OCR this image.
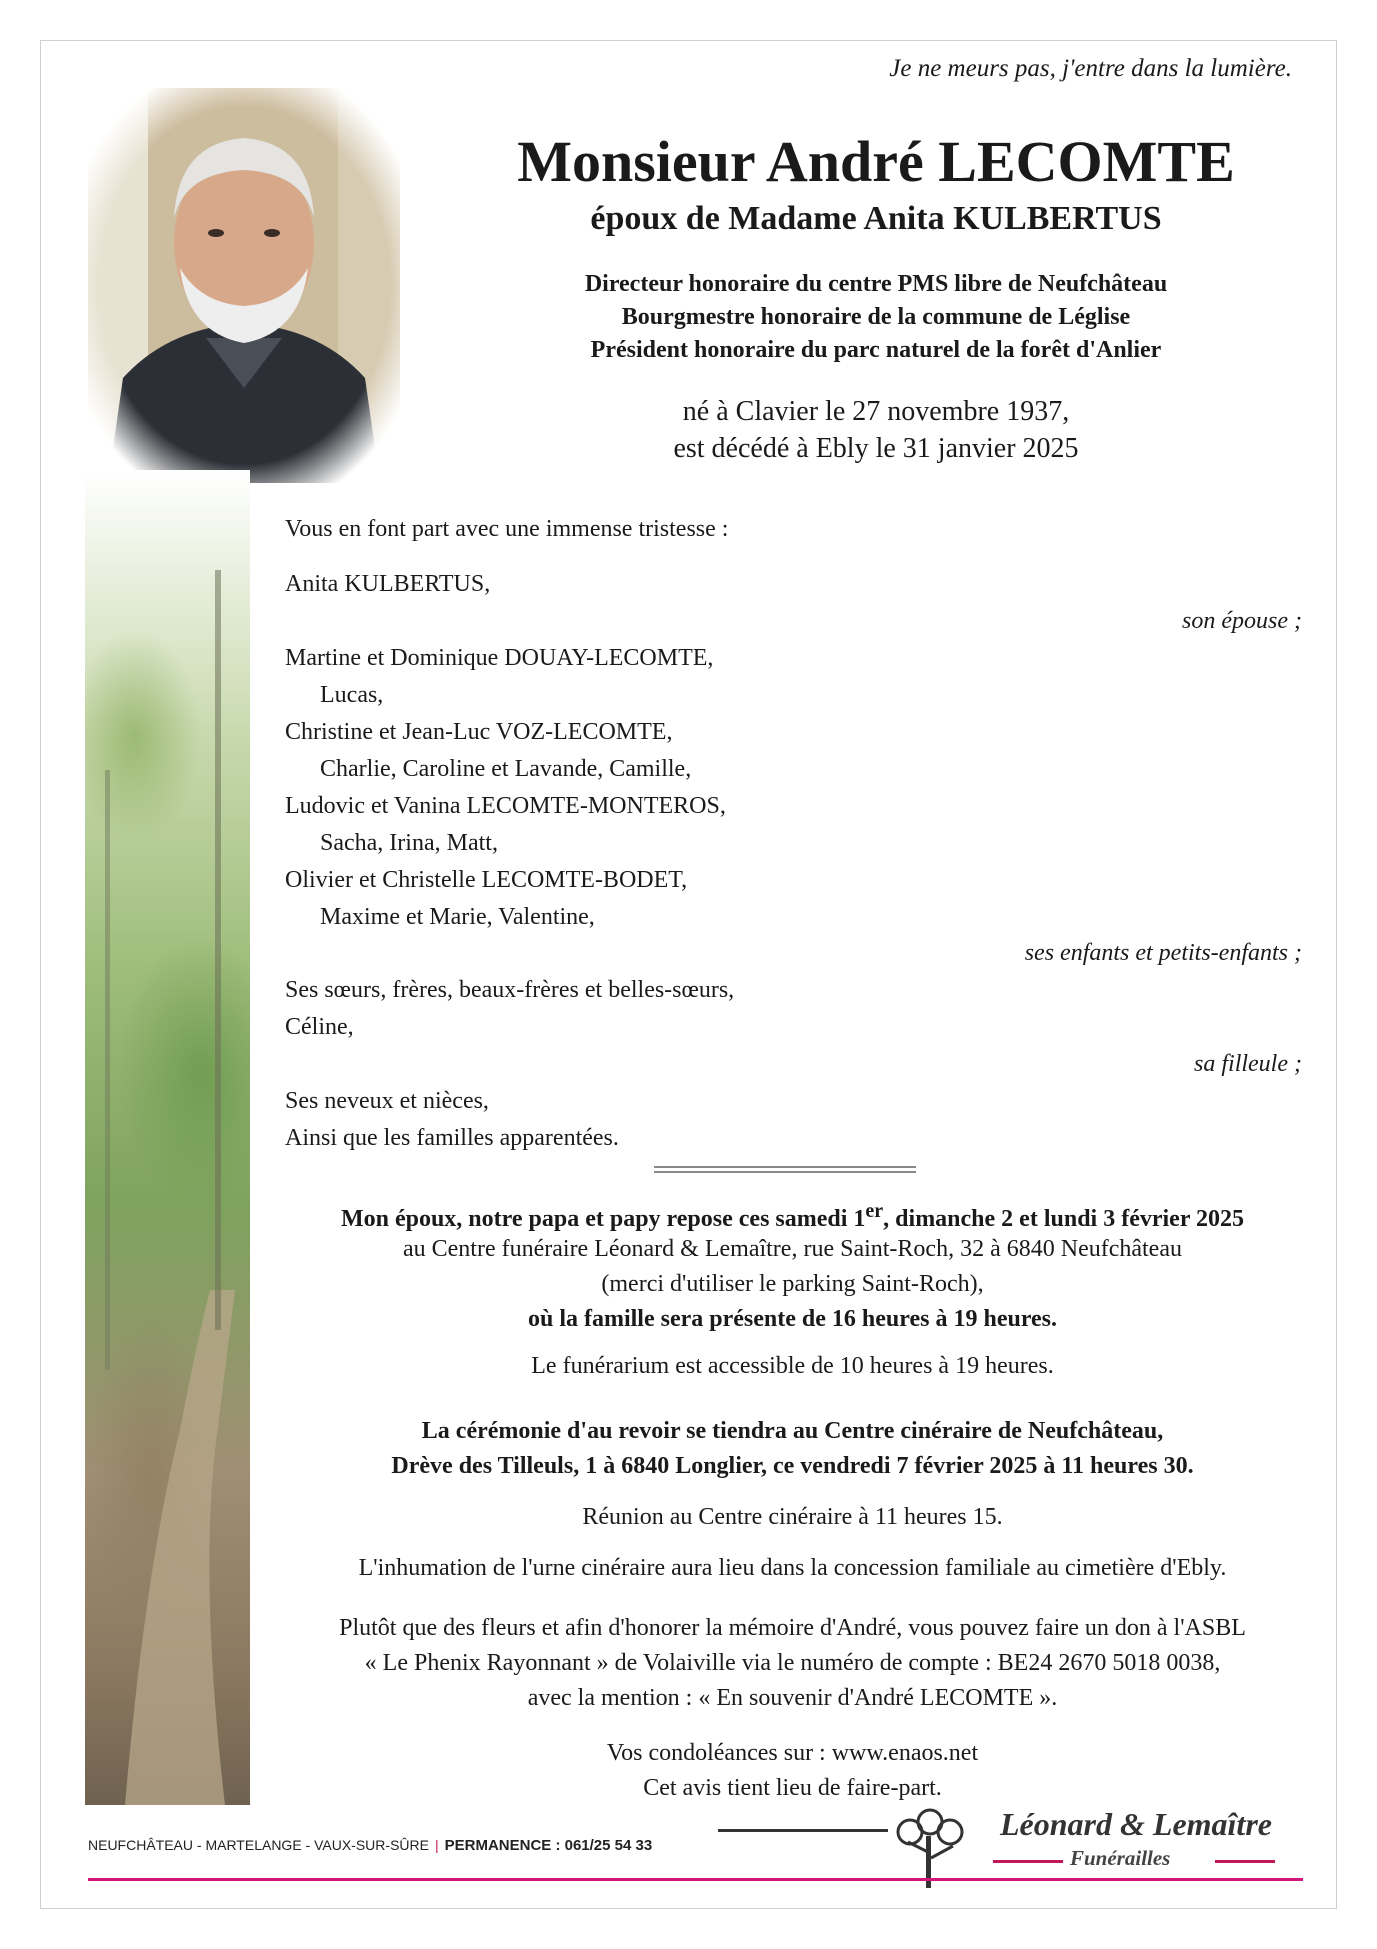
Je ne meurs pas, j'entre dans la lumière.
Monsieur André LECOMTE
époux de Madame Anita KULBERTUS
Directeur honoraire du centre PMS libre de Neufchâteau
Bourgmestre honoraire de la commune de Léglise
Président honoraire du parc naturel de la forêt d'Anlier
né à Clavier le 27 novembre 1937,
est décédé à Ebly le 31 janvier 2025
Vous en font part avec une immense tristesse :
Anita KULBERTUS,
son épouse ;
Martine et Dominique DOUAY-LECOMTE,
Lucas,
Christine et Jean-Luc VOZ-LECOMTE,
Charlie, Caroline et Lavande, Camille,
Ludovic et Vanina LECOMTE-MONTEROS,
Sacha, Irina, Matt,
Olivier et Christelle LECOMTE-BODET,
Maxime et Marie, Valentine,
ses enfants et petits-enfants ;
Ses sœurs, frères, beaux-frères et belles-sœurs,
Céline,
sa filleule ;
Ses neveux et nièces,
Ainsi que les familles apparentées.
Mon époux, notre papa et papy repose ces samedi 1er, dimanche 2 et lundi 3 février 2025
au Centre funéraire Léonard & Lemaître, rue Saint-Roch, 32 à 6840 Neufchâteau
(merci d'utiliser le parking Saint-Roch),
où la famille sera présente de 16 heures à 19 heures.
Le funérarium est accessible de 10 heures à 19 heures.
La cérémonie d'au revoir se tiendra au Centre cinéraire de Neufchâteau,
Drève des Tilleuls, 1 à 6840 Longlier, ce vendredi 7 février 2025 à 11 heures 30.
Réunion au Centre cinéraire à 11 heures 15.
L'inhumation de l'urne cinéraire aura lieu dans la concession familiale au cimetière d'Ebly.
Plutôt que des fleurs et afin d'honorer la mémoire d'André, vous pouvez faire un don à l'ASBL
« Le Phenix Rayonnant » de Volaiville via le numéro de compte : BE24 2670 5018 0038,
avec la mention : « En souvenir d'André LECOMTE ».
Vos condoléances sur : www.enaos.net
Cet avis tient lieu de faire-part.
NEUFCHÂTEAU - MARTELANGE - VAUX-SUR-SÛRE | PERMANENCE : 061/25 54 33
Léonard & Lemaître
Funérailles
